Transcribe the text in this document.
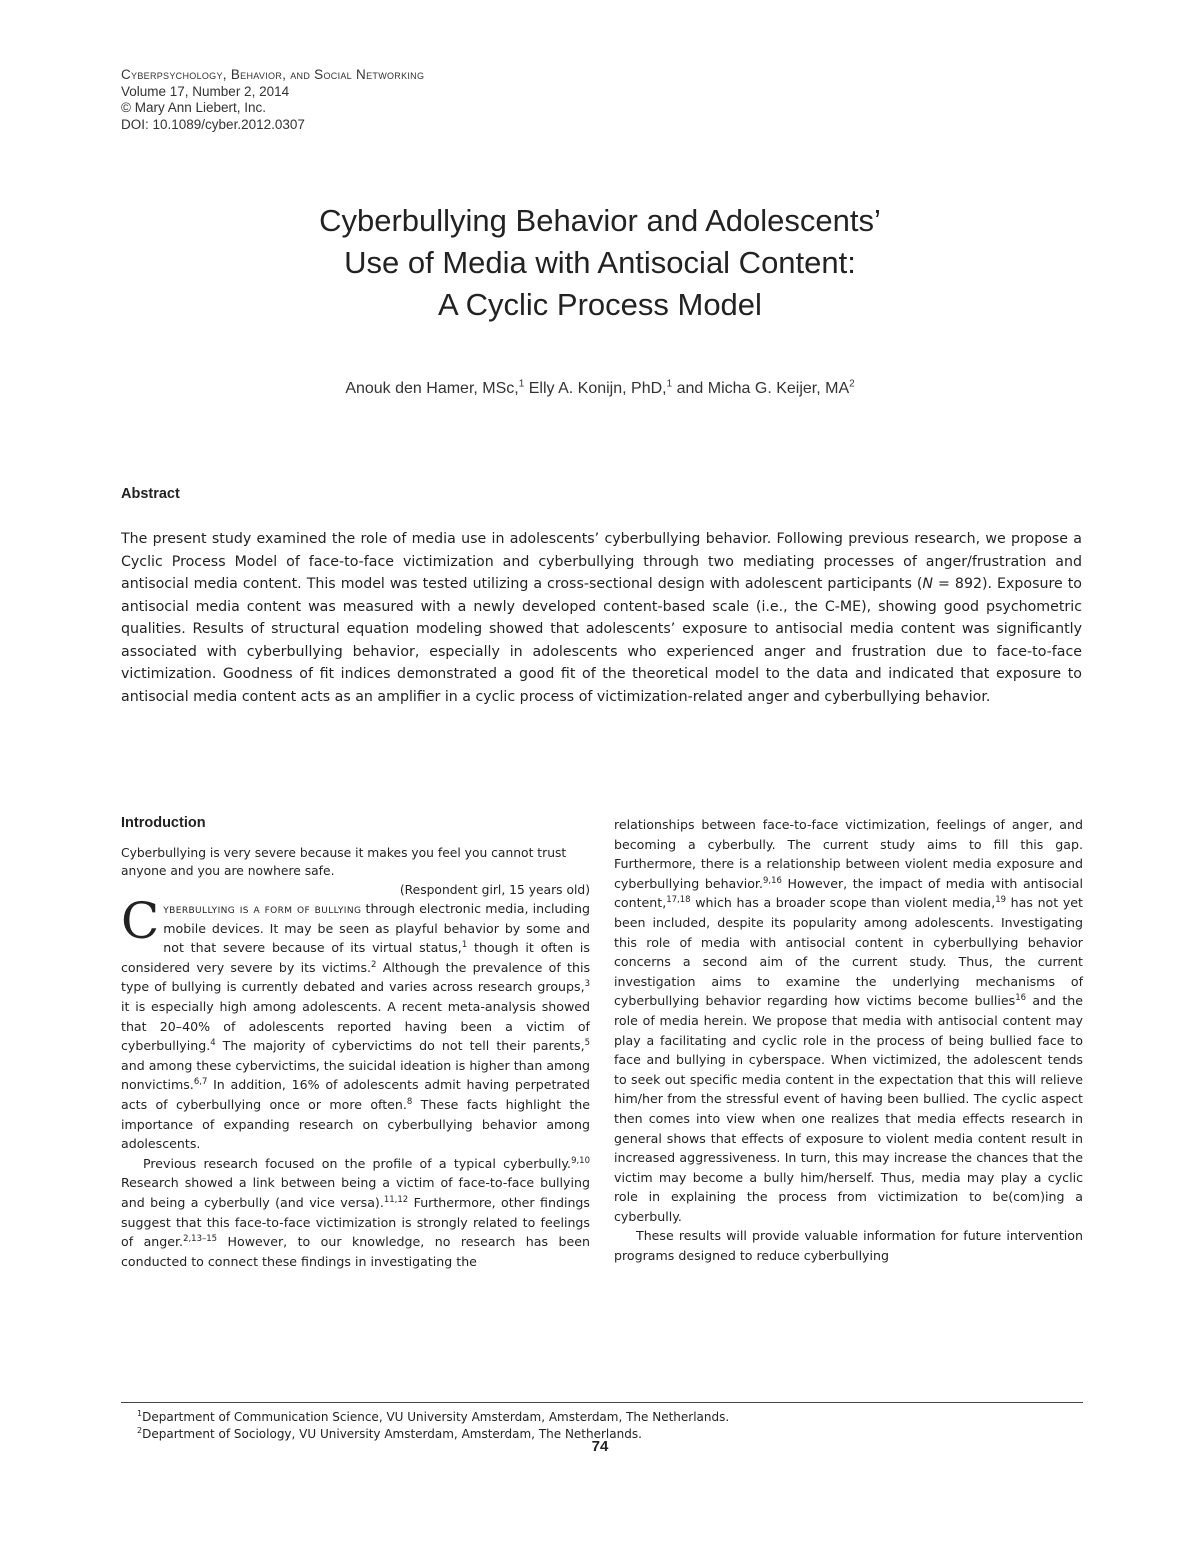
Cyberpsychology, Behavior, and Social Networking
Volume 17, Number 2, 2014
© Mary Ann Liebert, Inc.
DOI: 10.1089/cyber.2012.0307
Cyberbullying Behavior and Adolescents’
Use of Media with Antisocial Content:
A Cyclic Process Model
Anouk den Hamer, MSc,$^1$ Elly A. Konijn, PhD,$^1$ and Micha G. Keijer, $MA^2$
Abstract
The present study examined the role of media use in adolescents’ cyberbullying behavior. Following previous research, we propose a Cyclic Process Model of face-to-face victimization and cyberbullying through two mediating processes of anger/frustration and antisocial media content. This model was tested utilizing a cross-sectional design with adolescent participants (N = 892). Exposure to antisocial media content was measured with a newly developed content-based scale (i.e., the C-ME), showing good psychometric qualities. Results of structural equation modeling showed that adolescents’ exposure to antisocial media content was significantly associated with cyberbullying behavior, especially in adolescents who experienced anger and frustration due to face-to-face victimization. Goodness of fit indices demonstrated a good fit of the theoretical model to the data and indicated that exposure to antisocial media content acts as an amplifier in a cyclic process of victimization-related anger and cyberbullying behavior.
Introduction

Cyberbullying is very severe because it makes you feel you cannot trust anyone and you are nowhere safe.

(Respondent girl, 15 years old)

Cyberbullying is a form of bullying through electronic media, including mobile devices. It may be seen as playful behavior by some and not that severe because of its virtual status,$^1$ though it often is considered very severe by its victims.$^2$ Although the prevalence of this type of bullying is currently debated and varies across research groups,$^3$ it is especially high among adolescents. A recent meta-analysis showed that 20–40% of adolescents reported having been a victim of cyberbullying.$^4$ The majority of cybervictims do not tell their parents,$^5$ and among these cybervictims, the suicidal ideation is higher than among nonvictims.$^{6,7}$ In addition, 16% of adolescents admit having perpetrated acts of cyberbullying once or more often.$^8$ These facts highlight the importance of expanding research on cyberbullying behavior among adolescents.

Previous research focused on the profile of a typical cyberbully.$^{9,10}$ Research showed a link between being a victim of face-to-face bullying and being a cyberbully (and vice versa).$^{11,12}$ Furthermore, other findings suggest that this face-to-face victimization is strongly related to feelings of anger.$^{2,13-15}$ However, to our knowledge, no research has been conducted to connect these findings in investigating the

relationships between face-to-face victimization, feelings of anger, and becoming a cyberbully. The current study aims to fill this gap. Furthermore, there is a relationship between violent media exposure and cyberbullying behavior.$^{9,16}$ However, the impact of media with antisocial content,$^{17,18}$ which has a broader scope than violent media,$^{19}$ has not yet been included, despite its popularity among adolescents. Investigating this role of media with antisocial content in cyberbullying behavior concerns a second aim of the current study. Thus, the current investigation aims to examine the underlying mechanisms of cyberbullying behavior regarding how victims become bullies$^{16}$ and the role of media herein. We propose that media with antisocial content may play a facilitating and cyclic role in the process of being bullied face to face and bullying in cyberspace. When victimized, the adolescent tends to seek out specific media content in the expectation that this will relieve him/her from the stressful event of having been bullied. The cyclic aspect then comes into view when one realizes that media effects research in general shows that effects of exposure to violent media content result in increased aggressiveness. In turn, this may increase the chances that the victim may become a bully him/herself. Thus, media may play a cyclic role in explaining the process from victimization to be(com)ing a cyberbully.

These results will provide valuable information for future intervention programs designed to reduce cyberbullying

$^1$Department of Communication Science, VU University Amsterdam, Amsterdam, The Netherlands.
$^2$Department of Sociology, VU University Amsterdam, Amsterdam, The Netherlands.
74
